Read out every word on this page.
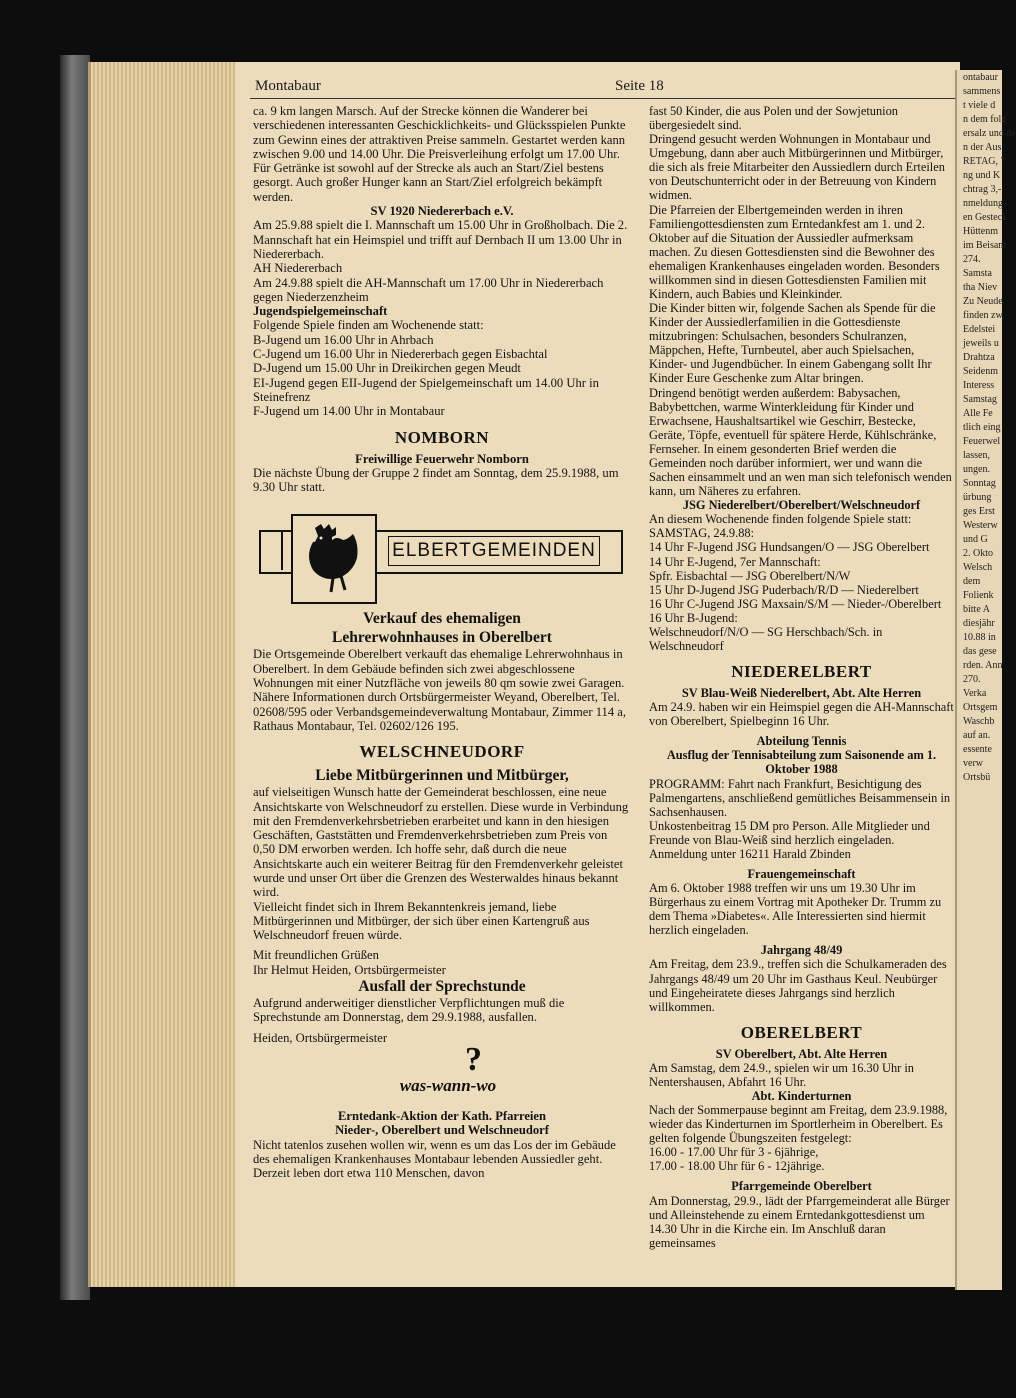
ontabaur
sammens
t viele d
n dem folg
ersalz und de
n der Aus
RETAG, 7
ng und K
chtrag 3,-
nmeldung
en Gesteck
Hüttenm
im Beisam
274.
Samsta
tha Niev
Zu Neude
finden zw
Edelstei
jeweils u
Drahtza
Seidenm
Interess
Samstag
Alle Fe
tlich eing
Feuerwel
lassen,
ungen.
Sonntag
ürbung
ges Erst
Westerw
und G
2. Okto
Welsch
dem
Folienk
bitte A
diesjähr
10.88 in
das gese
rden. Ann
270.
Verka
Ortsgem
Waschb
auf an.
essente
verw
Ortsbü
Montabaur	Seite 18

ca. 9 km langen Marsch. Auf der Strecke können die Wanderer bei verschiedenen interessanten Geschicklichkeits- und Glücksspielen Punkte zum Gewinn eines der attraktiven Preise sammeln. Gestartet werden kann zwischen 9.00 und 14.00 Uhr. Die Preisverleihung erfolgt um 17.00 Uhr. Für Getränke ist sowohl auf der Strecke als auch an Start/Ziel bestens gesorgt. Auch großer Hunger kann an Start/Ziel erfolgreich bekämpft werden.

SV 1920 Niedererbach e.V.

Am 25.9.88 spielt die I. Mannschaft um 15.00 Uhr in Großholbach. Die 2. Mannschaft hat ein Heimspiel und trifft auf Dernbach II um 13.00 Uhr in Niedererbach.

AH Niedererbach

Am 24.9.88 spielt die AH-Mannschaft um 17.00 Uhr in Niedererbach gegen Niederzenzheim

Jugendspielgemeinschaft

Folgende Spiele finden am Wochenende statt:

B-Jugend um 16.00 Uhr in Ahrbach

C-Jugend um 16.00 Uhr in Niedererbach gegen Eisbachtal

D-Jugend um 15.00 Uhr in Dreikirchen gegen Meudt

EI-Jugend gegen EII-Jugend der Spielgemeinschaft um 14.00 Uhr in Steinefrenz

F-Jugend um 14.00 Uhr in Montabaur

NOMBORN

Freiwillige Feuerwehr Nomborn

Die nächste Übung der Gruppe 2 findet am Sonntag, dem 25.9.1988, um 9.30 Uhr statt.

ELBERTGEMEINDEN
Verkauf des ehemaligen
Lehrerwohnhauses in Oberelbert

Die Ortsgemeinde Oberelbert verkauft das ehemalige Lehrerwohnhaus in Oberelbert. In dem Gebäude befinden sich zwei abgeschlossene Wohnungen mit einer Nutzfläche von jeweils 80 qm sowie zwei Garagen.

Nähere Informationen durch Ortsbürgermeister Weyand, Oberelbert, Tel. 02608/595 oder Verbandsgemeindeverwaltung Montabaur, Zimmer 114 a, Rathaus Montabaur, Tel. 02602/126 195.

WELSCHNEUDORF
Liebe Mitbürgerinnen und Mitbürger,

auf vielseitigen Wunsch hatte der Gemeinderat beschlossen, eine neue Ansichtskarte von Welschneudorf zu erstellen. Diese wurde in Verbindung mit den Fremdenverkehrsbetrieben erarbeitet und kann in den hiesigen Geschäften, Gaststätten und Fremdenverkehrsbetrieben zum Preis von 0,50 DM erworben werden. Ich hoffe sehr, daß durch die neue Ansichtskarte auch ein weiterer Beitrag für den Fremdenverkehr geleistet wurde und unser Ort über die Grenzen des Westerwaldes hinaus bekannt wird.

Vielleicht findet sich in Ihrem Bekanntenkreis jemand, liebe Mitbürgerinnen und Mitbürger, der sich über einen Kartengruß aus Welschneudorf freuen würde.

Mit freundlichen Grüßen

Ihr Helmut Heiden, Ortsbürgermeister

Ausfall der Sprechstunde

Aufgrund anderweitiger dienstlicher Verpflichtungen muß die Sprechstunde am Donnerstag, dem 29.9.1988, ausfallen.

Heiden, Ortsbürgermeister

was-wann-wo
?

Erntedank-Aktion der Kath. Pfarreien

Nieder-, Oberelbert und Welschneudorf

Nicht tatenlos zusehen wollen wir, wenn es um das Los der im Gebäude des ehemaligen Krankenhauses Montabaur lebenden Aussiedler geht. Derzeit leben dort etwa 110 Menschen, davon

fast 50 Kinder, die aus Polen und der Sowjetunion übergesiedelt sind.

Dringend gesucht werden Wohnungen in Montabaur und Umgebung, dann aber auch Mitbürgerinnen und Mitbürger, die sich als freie Mitarbeiter den Aussiedlern durch Erteilen von Deutschunterricht oder in der Betreuung von Kindern widmen.

Die Pfarreien der Elbertgemeinden werden in ihren Familiengottesdiensten zum Erntedankfest am 1. und 2. Oktober auf die Situation der Aussiedler aufmerksam machen. Zu diesen Gottesdiensten sind die Bewohner des ehemaligen Krankenhauses eingeladen worden. Besonders willkommen sind in diesen Gottesdiensten Familien mit Kindern, auch Babies und Kleinkinder.

Die Kinder bitten wir, folgende Sachen als Spende für die Kinder der Aussiedlerfamilien in die Gottesdienste mitzubringen: Schulsachen, besonders Schulranzen, Mäppchen, Hefte, Turnbeutel, aber auch Spielsachen, Kinder- und Jugendbücher. In einem Gabengang sollt Ihr Kinder Eure Geschenke zum Altar bringen.

Dringend benötigt werden außerdem: Babysachen, Babybettchen, warme Winterkleidung für Kinder und Erwachsene, Haushaltsartikel wie Geschirr, Bestecke, Geräte, Töpfe, eventuell für spätere Herde, Kühlschränke, Fernseher. In einem gesonderten Brief werden die Gemeinden noch darüber informiert, wer und wann die Sachen einsammelt und an wen man sich telefonisch wenden kann, um Näheres zu erfahren.

JSG Niederelbert/Oberelbert/Welschneudorf

An diesem Wochenende finden folgende Spiele statt:

SAMSTAG, 24.9.88:

14 Uhr F-Jugend JSG Hundsangen/O — JSG Oberelbert

14 Uhr E-Jugend, 7er Mannschaft:

Spfr. Eisbachtal — JSG Oberelbert/N/W

15 Uhr D-Jugend JSG Puderbach/R/D — Niederelbert

16 Uhr C-Jugend JSG Maxsain/S/M — Nieder-/Oberelbert

16 Uhr B-Jugend:

Welschneudorf/N/O — SG Herschbach/Sch. in Welschneudorf

NIEDERELBERT

SV Blau-Weiß Niederelbert, Abt. Alte Herren

Am 24.9. haben wir ein Heimspiel gegen die AH-Mannschaft von Oberelbert, Spielbeginn 16 Uhr.

Abteilung Tennis

Ausflug der Tennisabteilung zum Saisonende am 1. Oktober 1988

PROGRAMM: Fahrt nach Frankfurt, Besichtigung des Palmengartens, anschließend gemütliches Beisammensein in Sachsenhausen.

Unkostenbeitrag 15 DM pro Person. Alle Mitglieder und Freunde von Blau-Weiß sind herzlich eingeladen. Anmeldung unter 16211 Harald Zbinden

Frauengemeinschaft

Am 6. Oktober 1988 treffen wir uns um 19.30 Uhr im Bürgerhaus zu einem Vortrag mit Apotheker Dr. Trumm zu dem Thema »Diabetes«. Alle Interessierten sind hiermit herzlich eingeladen.

Jahrgang 48/49

Am Freitag, dem 23.9., treffen sich die Schulkameraden des Jahrgangs 48/49 um 20 Uhr im Gasthaus Keul. Neubürger und Eingeheiratete dieses Jahrgangs sind herzlich willkommen.

OBERELBERT

SV Oberelbert, Abt. Alte Herren

Am Samstag, dem 24.9., spielen wir um 16.30 Uhr in Nentershausen, Abfahrt 16 Uhr.

Abt. Kinderturnen

Nach der Sommerpause beginnt am Freitag, dem 23.9.1988, wieder das Kinderturnen im Sportlerheim in Oberelbert. Es gelten folgende Übungszeiten festgelegt:

16.00 - 17.00 Uhr für 3 - 6jährige,

17.00 - 18.00 Uhr für 6 - 12jährige.

Pfarrgemeinde Oberelbert

Am Donnerstag, 29.9., lädt der Pfarrgemeinderat alle Bürger und Alleinstehende zu einem Erntedankgottesdienst um 14.30 Uhr in die Kirche ein. Im Anschluß daran gemeinsames
